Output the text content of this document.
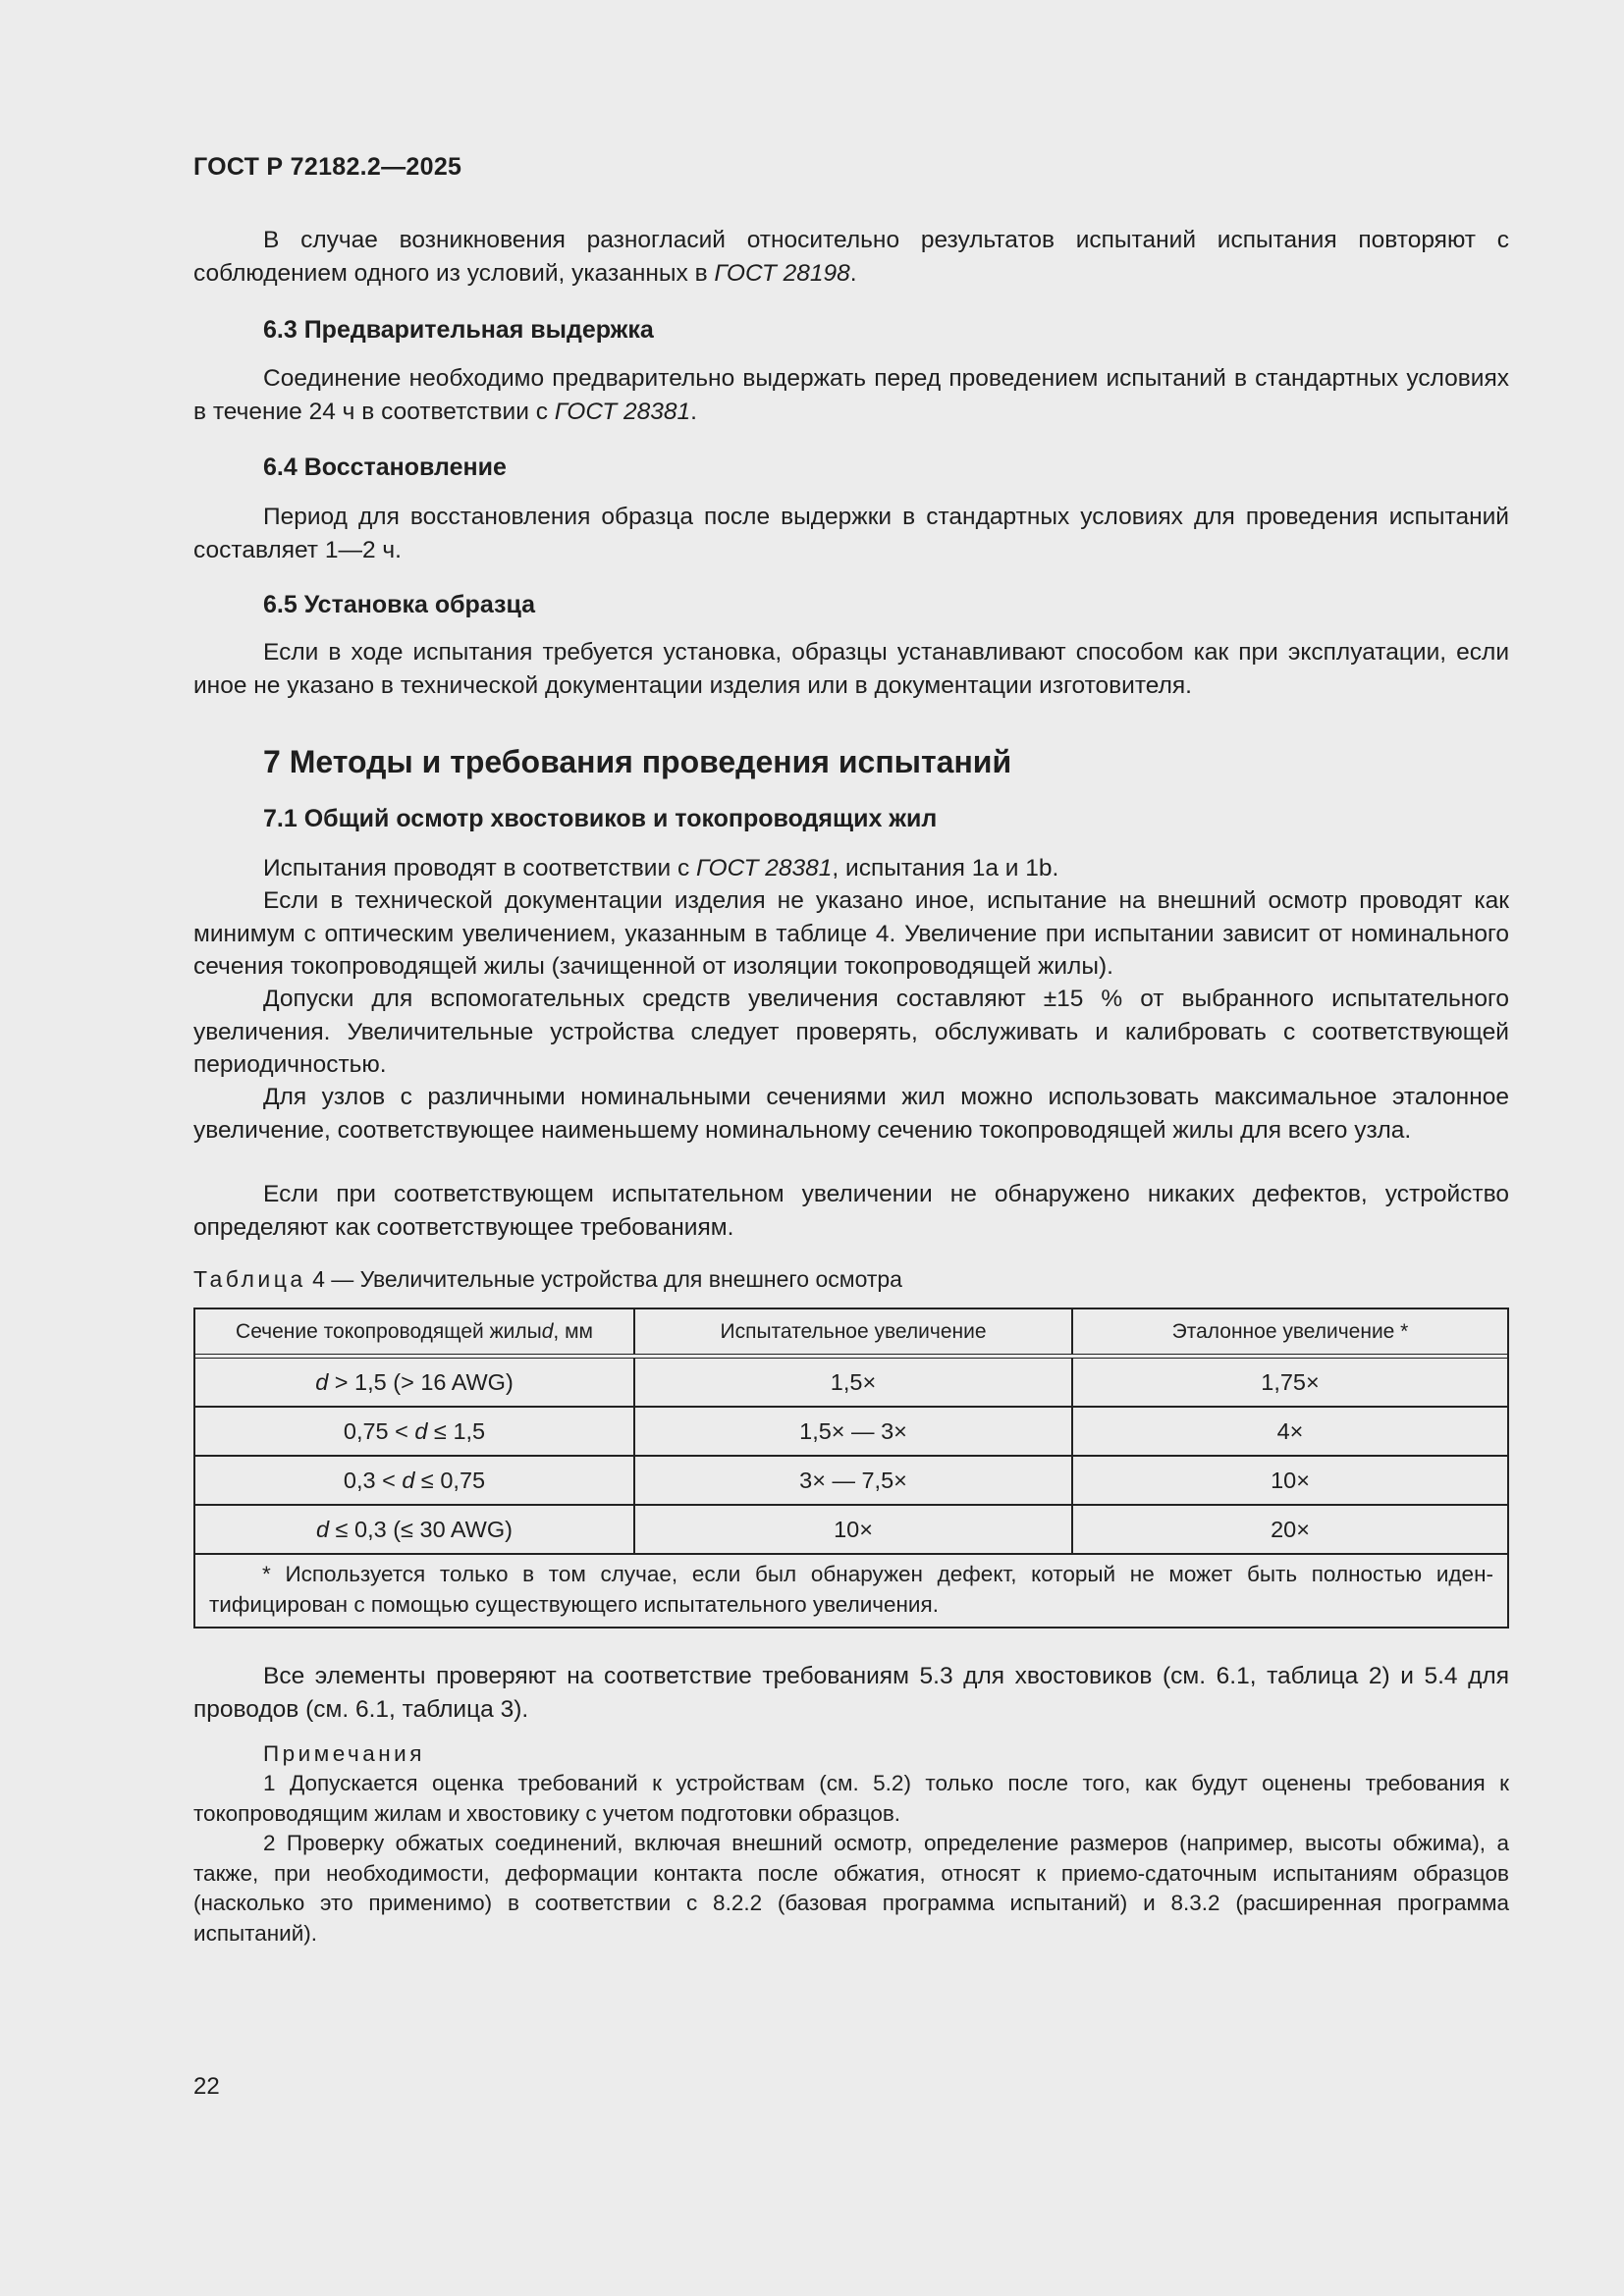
ГОСТ Р 72182.2—2025

В случае возникновения разногласий относительно результатов испытаний испытания повторяют с соблюдением одного из условий, указанных в ГОСТ 28198.

6.3 Предварительная выдержка

Соединение необходимо предварительно выдержать перед проведением испытаний в стандартных условиях в течение 24 ч в соответствии с ГОСТ 28381.

6.4 Восстановление

Период для восстановления образца после выдержки в стандартных условиях для проведения испытаний составляет 1—2 ч.

6.5 Установка образца

Если в ходе испытания требуется установка, образцы устанавливают способом как при эксплуатации, если иное не указано в технической документации изделия или в документации изготовителя.

7 Методы и требования проведения испытаний
7.1 Общий осмотр хвостовиков и токопроводящих жил

Испытания проводят в соответствии с ГОСТ 28381, испытания 1а и 1b.

Если в технической документации изделия не указано иное, испытание на внешний осмотр проводят как минимум с оптическим увеличением, указанным в таблице 4. Увеличение при испытании зависит от номинального сечения токопроводящей жилы (зачищенной от изоляции токопроводящей жилы).

Допуски для вспомогательных средств увеличения составляют ±15 % от выбранного испытательного увеличения. Увеличительные устройства следует проверять, обслуживать и калибровать с соответствующей периодичностью.

Для узлов с различными номинальными сечениями жил можно использовать максимальное эталонное увеличение, соответствующее наименьшему номинальному сечению токопроводящей жилы для всего узла.

Если при соответствующем испытательном увеличении не обнаружено никаких дефектов, устройство определяют как соответствующее требованиям.

Таблица 4 — Увеличительные устройства для внешнего осмотра
Сечение токопроводящей жилы d , мм	Испытательное увеличение	Эталонное увеличение *
d > 1,5 (> 16 AWG)	1,5×	1,75×
0,75 < d ≤ 1,5	1,5× — 3×	4×
0,3 < d ≤ 0,75	3× — 7,5×	10×
d ≤ 0,3 (≤ 30 AWG)	10×	20×
* Используется только в том случае, если был обнаружен дефект, который не может быть полностью идентифицирован с помощью существующего испытательного увеличения.

Все элементы проверяют на соответствие требованиям 5.3 для хвостовиков (см. 6.1, таблица 2) и 5.4 для проводов (см. 6.1, таблица 3).

Примечания

1 Допускается оценка требований к устройствам (см. 5.2) только после того, как будут оценены требования к токопроводящим жилам и хвостовику с учетом подготовки образцов.

2 Проверку обжатых соединений, включая внешний осмотр, определение размеров (например, высоты обжима), а также, при необходимости, деформации контакта после обжатия, относят к приемо-сдаточным испытаниям образцов (насколько это применимо) в соответствии с 8.2.2 (базовая программа испытаний) и 8.3.2 (расширенная программа испытаний).

22
